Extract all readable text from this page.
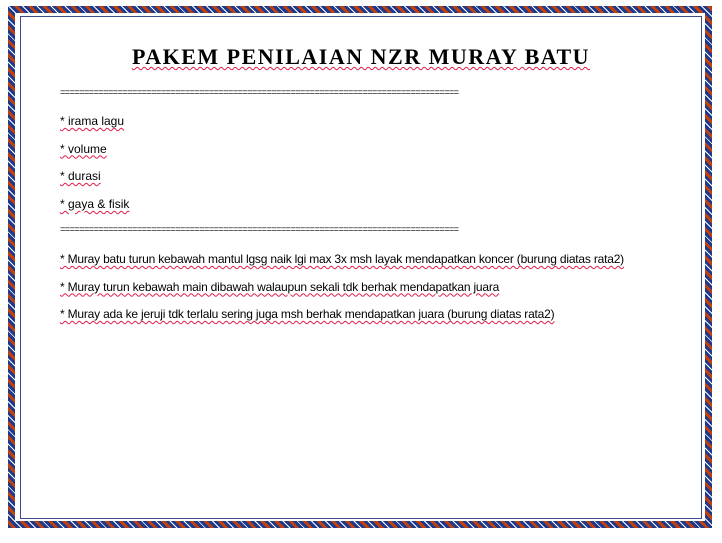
PAKEM PENILAIAN NZR MURAY BATU
===================================================================================
* irama lagu
* volume
* durasi
* gaya & fisik
===================================================================================
* Muray batu turun kebawah mantul lgsg naik lgi max 3x msh layak mendapatkan koncer (burung diatas rata2)
* Muray turun kebawah main dibawah walaupun sekali tdk berhak mendapatkan juara
* Muray ada ke jeruji tdk terlalu sering juga msh berhak mendapatkan juara (burung diatas rata2)
